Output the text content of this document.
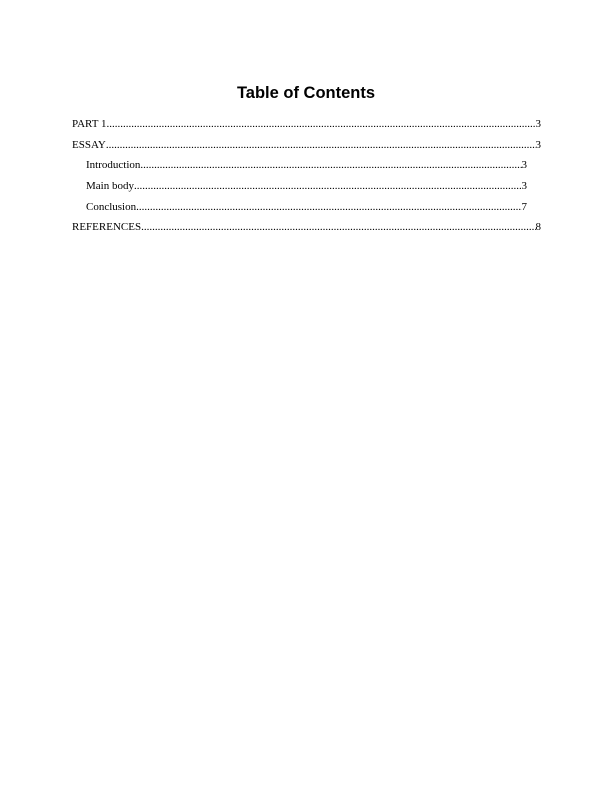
Table of Contents
PART 1 .....	3
ESSAY .....	3
Introduction .....	3
Main body .....	3
Conclusion .....	7
REFERENCES .....	8
